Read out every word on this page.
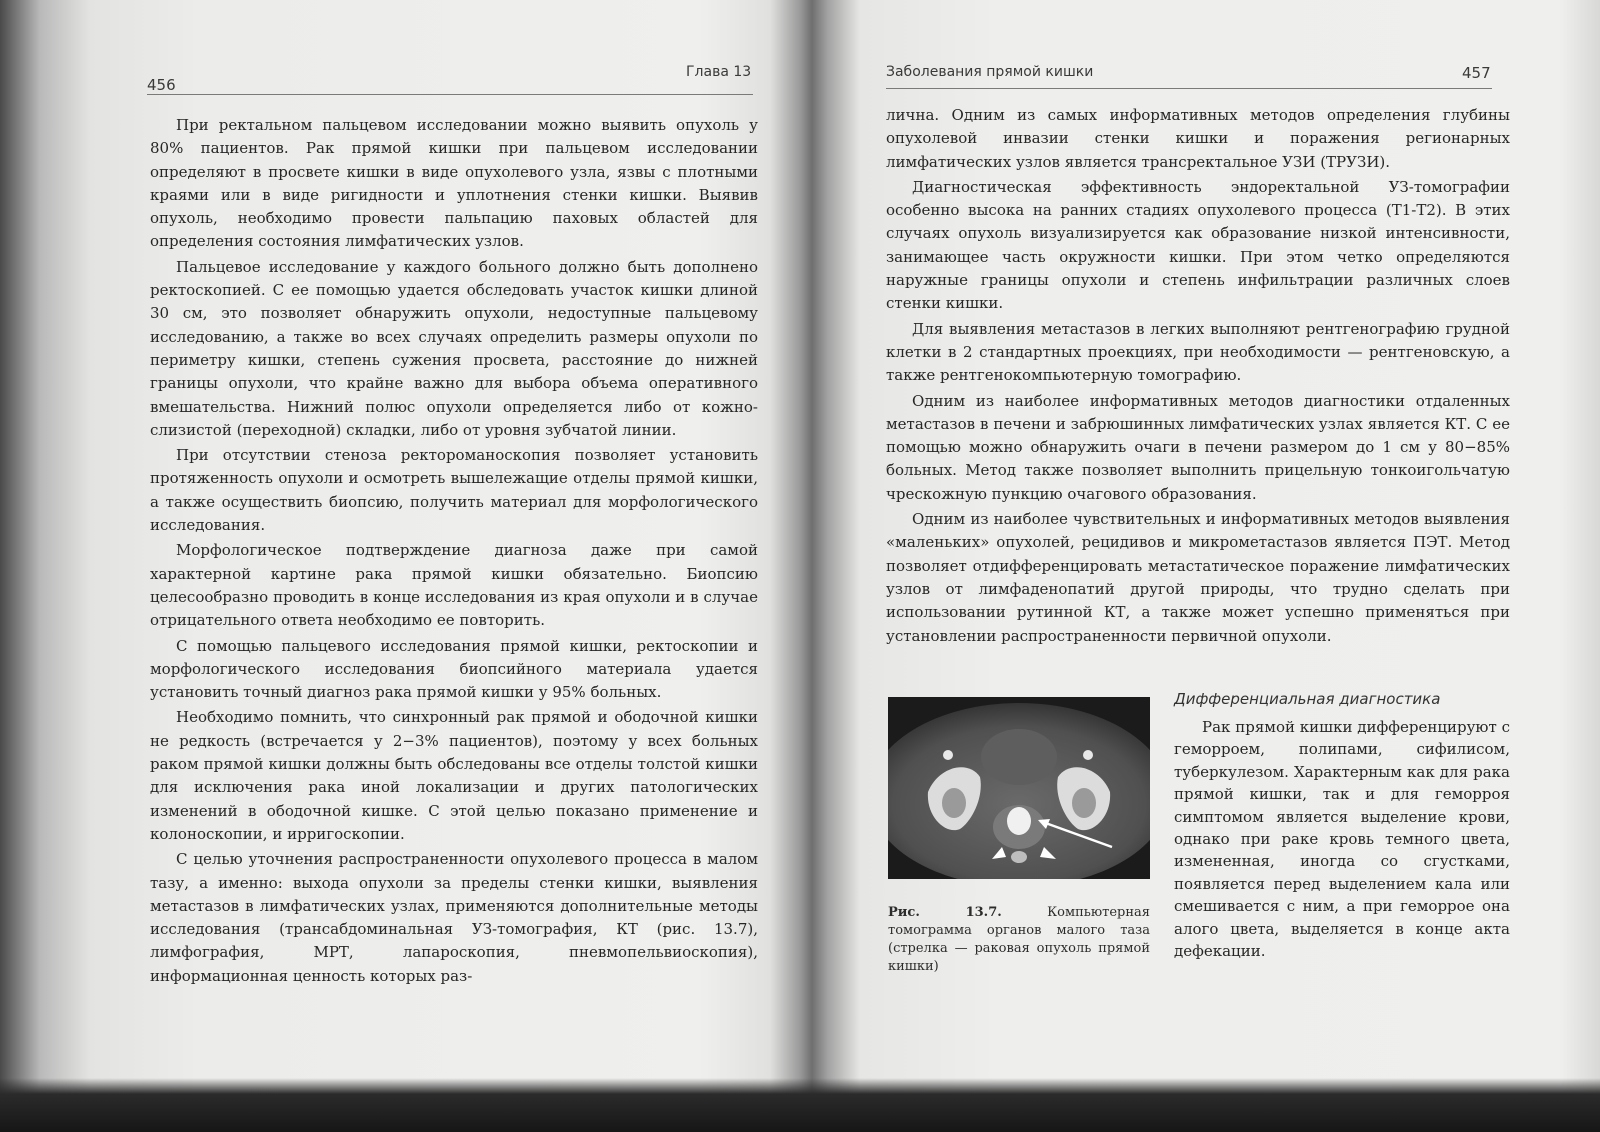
456
Глава 13

При ректальном пальцевом исследовании можно выявить опухоль у 80% пациентов. Рак прямой кишки при пальцевом исследовании определяют в просвете кишки в виде опухолевого узла, язвы с плотными краями или в виде ригидности и уплотнения стенки кишки. Выявив опухоль, необходимо провести пальпацию паховых областей для определения состояния лимфатических узлов.

Пальцевое исследование у каждого больного должно быть дополнено ректоскопией. С ее помощью удается обследовать участок кишки длиной 30 см, это позволяет обнаружить опухоли, недоступные пальцевому исследованию, а также во всех случаях определить размеры опухоли по периметру кишки, степень сужения просвета, расстояние до нижней границы опухоли, что крайне важно для выбора объема оперативного вмешательства. Нижний полюс опухоли определяется либо от кожно-слизистой (переходной) складки, либо от уровня зубчатой линии.

При отсутствии стеноза ректороманоскопия позволяет установить протяженность опухоли и осмотреть вышележащие отделы прямой кишки, а также осуществить биопсию, получить материал для морфологического исследования.

Морфологическое подтверждение диагноза даже при самой характерной картине рака прямой кишки обязательно. Биопсию целесообразно проводить в конце исследования из края опухоли и в случае отрицательного ответа необходимо ее повторить.

С помощью пальцевого исследования прямой кишки, ректоскопии и морфологического исследования биопсийного материала удается установить точный диагноз рака прямой кишки у 95% больных.

Необходимо помнить, что синхронный рак прямой и ободочной кишки не редкость (встречается у 2−3% пациентов), поэтому у всех больных раком прямой кишки должны быть обследованы все отделы толстой кишки для исключения рака иной локализации и других патологических изменений в ободочной кишке. С этой целью показано применение и колоноскопии, и ирригоскопии.

С целью уточнения распространенности опухолевого процесса в малом тазу, а именно: выхода опухоли за пределы стенки кишки, выявления метастазов в лимфатических узлах, применяются дополнительные методы исследования (трансабдоминальная УЗ-томография, КТ (рис. 13.7), лимфография, МРТ, лапароскопия, пневмопельвиоскопия), информационная ценность которых раз-

Заболевания прямой кишки	457

лична. Одним из самых информативных методов определения глубины опухолевой инвазии стенки кишки и поражения регионарных лимфатических узлов является трансректальное УЗИ (ТРУЗИ).

Диагностическая эффективность эндоректальной УЗ-томографии особенно высока на ранних стадиях опухолевого процесса (Т1-Т2). В этих случаях опухоль визуализируется как образование низкой интенсивности, занимающее часть окружности кишки. При этом четко определяются наружные границы опухоли и степень инфильтрации различных слоев стенки кишки.

Для выявления метастазов в легких выполняют рентгенографию грудной клетки в 2 стандартных проекциях, при необходимости — рентгеновскую, а также рентгенокомпьютерную томографию.

Одним из наиболее информативных методов диагностики отдаленных метастазов в печени и забрюшинных лимфатических узлах является КТ. С ее помощью можно обнаружить очаги в печени размером до 1 см у 80−85% больных. Метод также позволяет выполнить прицельную тонкоигольчатую чрескожную пункцию очагового образования.

Одним из наиболее чувствительных и информативных методов выявления «маленьких» опухолей, рецидивов и микрометастазов является ПЭТ. Метод позволяет отдифференцировать метастатическое поражение лимфатических узлов от лимфаденопатий другой природы, что трудно сделать при использовании рутинной КТ, а также может успешно применяться при установлении распространенности первичной опухоли.

Рис. 13.7. Компьютерная томограмма органов малого таза (стрелка — раковая опухоль прямой кишки)
Дифференциальная диагностика

Рак прямой кишки дифференцируют с геморроем, полипами, сифилисом, туберкулезом. Характерным как для рака прямой кишки, так и для геморроя симптомом является выделение крови, однако при раке кровь темного цвета, измененная, иногда со сгустками, появляется перед выделением кала или смешивается с ним, а при геморрое она алого цвета, выделяется в конце акта дефекации.
